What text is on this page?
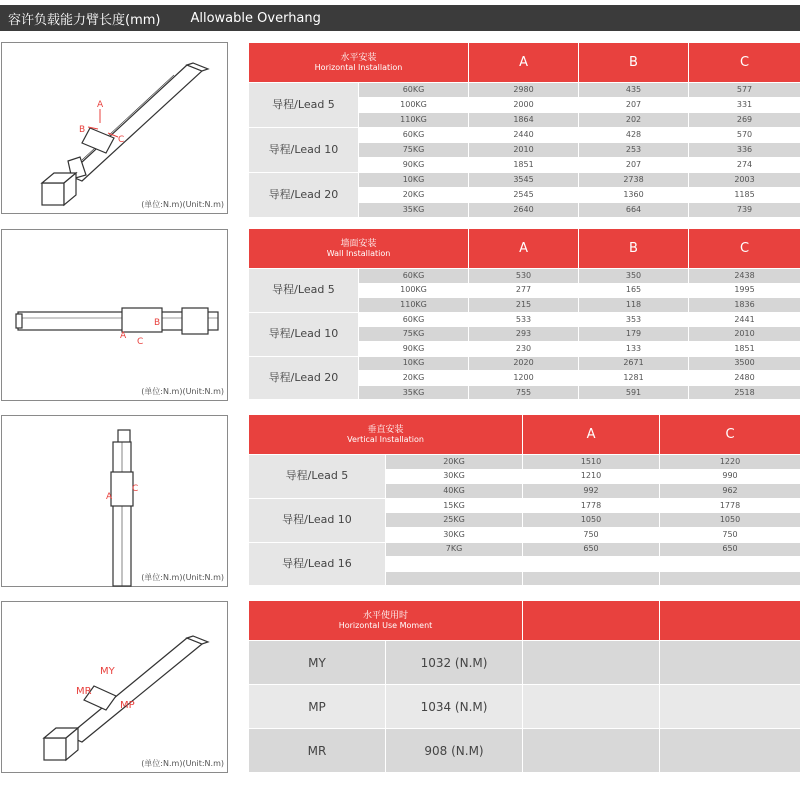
容许负载能力臂长度(mm) Allowable Overhang
A
B
C
(单位:N.m)(Unit:N.m)
水平安装
Horizontal Installation		A	B	C
导程/Lead 5	60KG	2980	435	577
	100KG	2000	207	331
	110KG	1864	202	269
导程/Lead 10	60KG	2440	428	570
	75KG	2010	253	336
	90KG	1851	207	274
导程/Lead 20	10KG	3545	2738	2003
	20KG	2545	1360	1185
	35KG	2640	664	739
A
B
C
(单位:N.m)(Unit:N.m)
墙面安装
Wall Installation		A	B	C
导程/Lead 5	60KG	530	350	2438
	100KG	277	165	1995
	110KG	215	118	1836
导程/Lead 10	60KG	533	353	2441
	75KG	293	179	2010
	90KG	230	133	1851
导程/Lead 20	10KG	2020	2671	3500
	20KG	1200	1281	2480
	35KG	755	591	2518
A
C
(单位:N.m)(Unit:N.m)
垂直安装
Vertical Installation		A	C
导程/Lead 5	20KG	1510	1220
	30KG	1210	990
	40KG	992	962
导程/Lead 10	15KG	1778	1778
	25KG	1050	1050
	30KG	750	750
导程/Lead 16	7KG	650	650

MY
MR
MP
(单位:N.m)(Unit:N.m)
水平使用时
Horizontal Use Moment			

MY	1032 (N.M)		
MP	1034 (N.M)		
MR	908 (N.M)		
